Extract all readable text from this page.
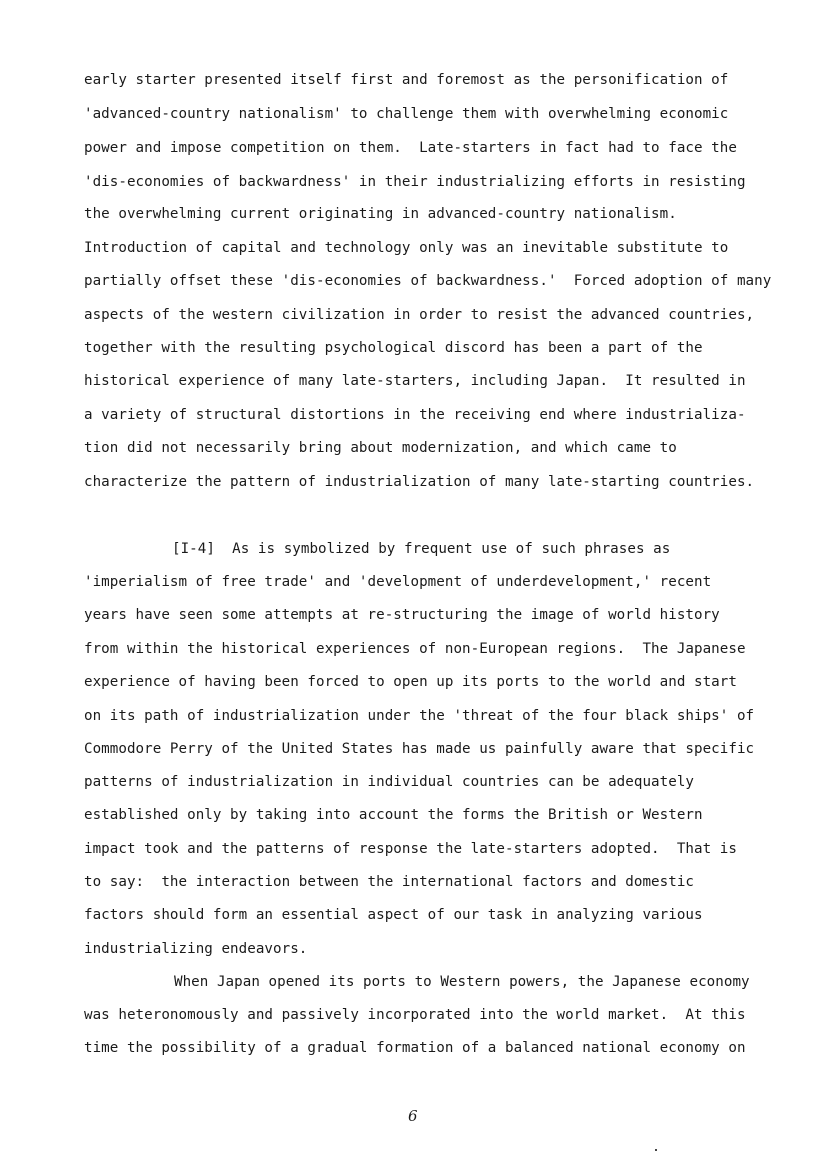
early starter presented itself first and foremost as the personification of
'advanced-country nationalism' to challenge them with overwhelming economic
power and impose competition on them.  Late-starters in fact had to face the
'dis-economies of backwardness' in their industrializing efforts in resisting
the overwhelming current originating in advanced-country nationalism.
Introduction of capital and technology only was an inevitable substitute to
partially offset these 'dis-economies of backwardness.'  Forced adoption of many
aspects of the western civilization in order to resist the advanced countries,
together with the resulting psychological discord has been a part of the
historical experience of many late-starters, including Japan.  It resulted in
a variety of structural distortions in the receiving end where industrializa-
tion did not necessarily bring about modernization, and which came to
characterize the pattern of industrialization of many late-starting countries.
[I-4]  As is symbolized by frequent use of such phrases as
'imperialism of free trade' and 'development of underdevelopment,' recent
years have seen some attempts at re-structuring the image of world history
from within the historical experiences of non-European regions.  The Japanese
experience of having been forced to open up its ports to the world and start
on its path of industrialization under the 'threat of the four black ships' of
Commodore Perry of the United States has made us painfully aware that specific
patterns of industrialization in individual countries can be adequately
established only by taking into account the forms the British or Western
impact took and the patterns of response the late-starters adopted.  That is
to say:  the interaction between the international factors and domestic
factors should form an essential aspect of our task in analyzing various
industrializing endeavors.
When Japan opened its ports to Western powers, the Japanese economy
was heteronomously and passively incorporated into the world market.  At this
time the possibility of a gradual formation of a balanced national economy on
6
